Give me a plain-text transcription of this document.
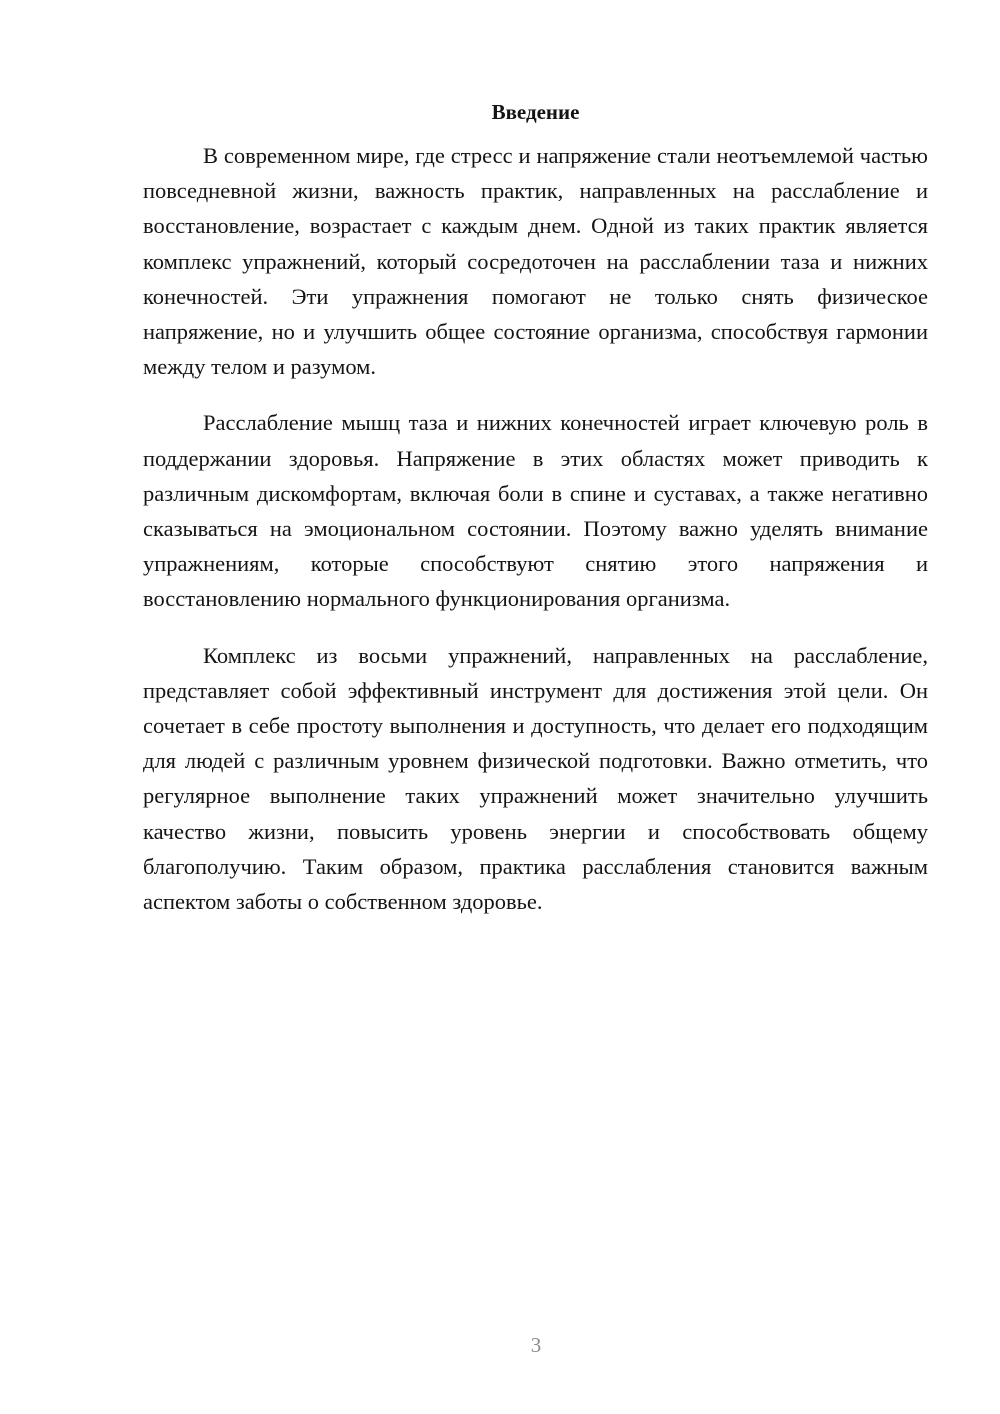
Введение

В современном мире, где стресс и напряжение стали неотъемлемой частью повседневной жизни, важность практик, направленных на расслабление и восстановление, возрастает с каждым днем. Одной из таких практик является комплекс упражнений, который сосредоточен на расслаблении таза и нижних конечностей. Эти упражнения помогают не только снять физическое напряжение, но и улучшить общее состояние организма, способствуя гармонии между телом и разумом.

Расслабление мышц таза и нижних конечностей играет ключевую роль в поддержании здоровья. Напряжение в этих областях может приводить к различным дискомфортам, включая боли в спине и суставах, а также негативно сказываться на эмоциональном состоянии. Поэтому важно уделять внимание упражнениям, которые способствуют снятию этого напряжения и восстановлению нормального функционирования организма.

Комплекс из восьми упражнений, направленных на расслабление, представляет собой эффективный инструмент для достижения этой цели. Он сочетает в себе простоту выполнения и доступность, что делает его подходящим для людей с различным уровнем физической подготовки. Важно отметить, что регулярное выполнение таких упражнений может значительно улучшить качество жизни, повысить уровень энергии и способствовать общему благополучию. Таким образом, практика расслабления становится важным аспектом заботы о собственном здоровье.

3
